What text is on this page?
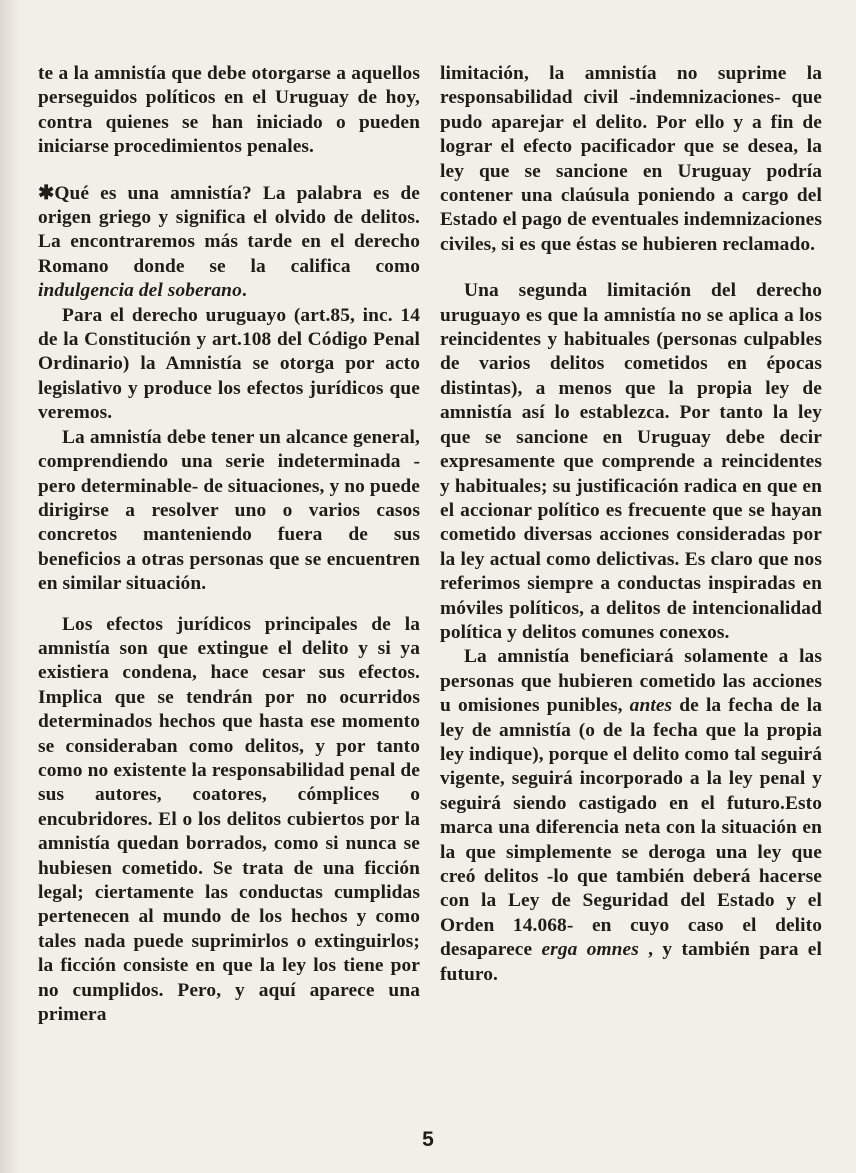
te a la amnistía que debe otorgarse a aquellos perseguidos políticos en el Uruguay de hoy, contra quienes se han iniciado o pueden iniciarse procedimientos penales.

✱Qué es una amnistía? La palabra es de origen griego y significa el olvido de delitos. La encontraremos más tarde en el derecho Romano donde se la califica como indulgencia del soberano.

Para el derecho uruguayo (art.85, inc. 14 de la Constitución y art.108 del Código Penal Ordinario) la Amnistía se otorga por acto legislativo y produce los efectos jurídicos que veremos.

La amnistía debe tener un alcance general, comprendiendo una serie indeterminada -pero determinable- de situaciones, y no puede dirigirse a resolver uno o varios casos concretos manteniendo fuera de sus beneficios a otras personas que se encuentren en similar situación.

Los efectos jurídicos principales de la amnistía son que extingue el delito y si ya existiera condena, hace cesar sus efectos. Implica que se tendrán por no ocurridos determinados hechos que hasta ese momento se consideraban como delitos, y por tanto como no existente la responsabilidad penal de sus autores, coatores, cómplices o encubridores. El o los delitos cubiertos por la amnistía quedan borrados, como si nunca se hubiesen cometido. Se trata de una ficción legal; ciertamente las conductas cumplidas pertenecen al mundo de los hechos y como tales nada puede suprimirlos o extinguirlos; la ficción consiste en que la ley los tiene por no cumplidos. Pero, y aquí aparece una primera

limitación, la amnistía no suprime la responsabilidad civil -indemnizaciones- que pudo aparejar el delito. Por ello y a fin de lograr el efecto pacificador que se desea, la ley que se sancione en Uruguay podría contener una claúsula poniendo a cargo del Estado el pago de eventuales indemnizaciones civiles, si es que éstas se hubieren reclamado.

Una segunda limitación del derecho uruguayo es que la amnistía no se aplica a los reincidentes y habituales (personas culpables de varios delitos cometidos en épocas distintas), a menos que la propia ley de amnistía así lo establezca. Por tanto la ley que se sancione en Uruguay debe decir expresamente que comprende a reincidentes y habituales; su justificación radica en que en el accionar político es frecuente que se hayan cometido diversas acciones consideradas por la ley actual como delictivas. Es claro que nos referimos siempre a conductas inspiradas en móviles políticos, a delitos de intencionalidad política y delitos comunes conexos.

La amnistía beneficiará solamente a las personas que hubieren cometido las acciones u omisiones punibles, antes de la fecha de la ley de amnistía (o de la fecha que la propia ley indique), porque el delito como tal seguirá vigente, seguirá incorporado a la ley penal y seguirá siendo castigado en el futuro.Esto marca una diferencia neta con la situación en la que simplemente se deroga una ley que creó delitos -lo que también deberá hacerse con la Ley de Seguridad del Estado y el Orden 14.068- en cuyo caso el delito desaparece erga omnes , y también para el futuro.

5
